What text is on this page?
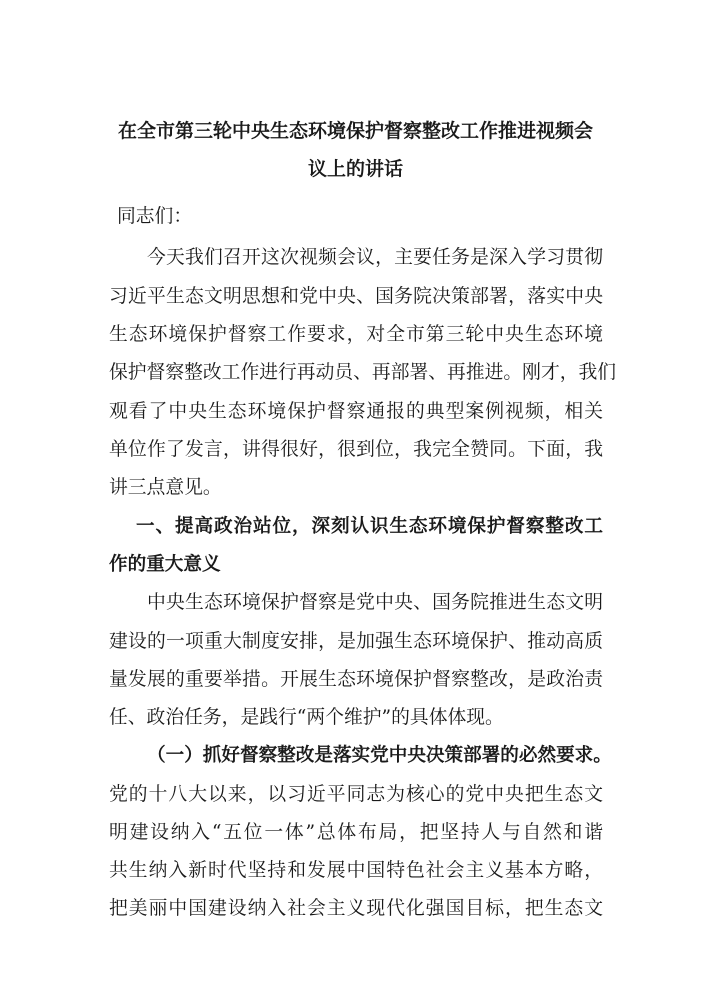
在全市第三轮中央生态环境保护督察整改工作推进视频会
议上的讲话
同志们：
今天我们召开这次视频会议，主要任务是深入学习贯彻
习近平生态文明思想和党中央、国务院决策部署，落实中央
生态环境保护督察工作要求，对全市第三轮中央生态环境
保护督察整改工作进行再动员、再部署、再推进。刚才，我们
观看了中央生态环境保护督察通报的典型案例视频，相关
单位作了发言，讲得很好，很到位，我完全赞同。下面，我
讲三点意见。
一、提高政治站位，深刻认识生态环境保护督察整改工
作的重大意义
中央生态环境保护督察是党中央、国务院推进生态文明
建设的一项重大制度安排，是加强生态环境保护、推动高质
量发展的重要举措。开展生态环境保护督察整改，是政治责
任、政治任务，是践行“两个维护”的具体体现。
（一）抓好督察整改是落实党中央决策部署的必然要求。
党的十八大以来，以习近平同志为核心的党中央把生态文
明建设纳入“五位一体”总体布局，把坚持人与自然和谐
共生纳入新时代坚持和发展中国特色社会主义基本方略，
把美丽中国建设纳入社会主义现代化强国目标，把生态文
